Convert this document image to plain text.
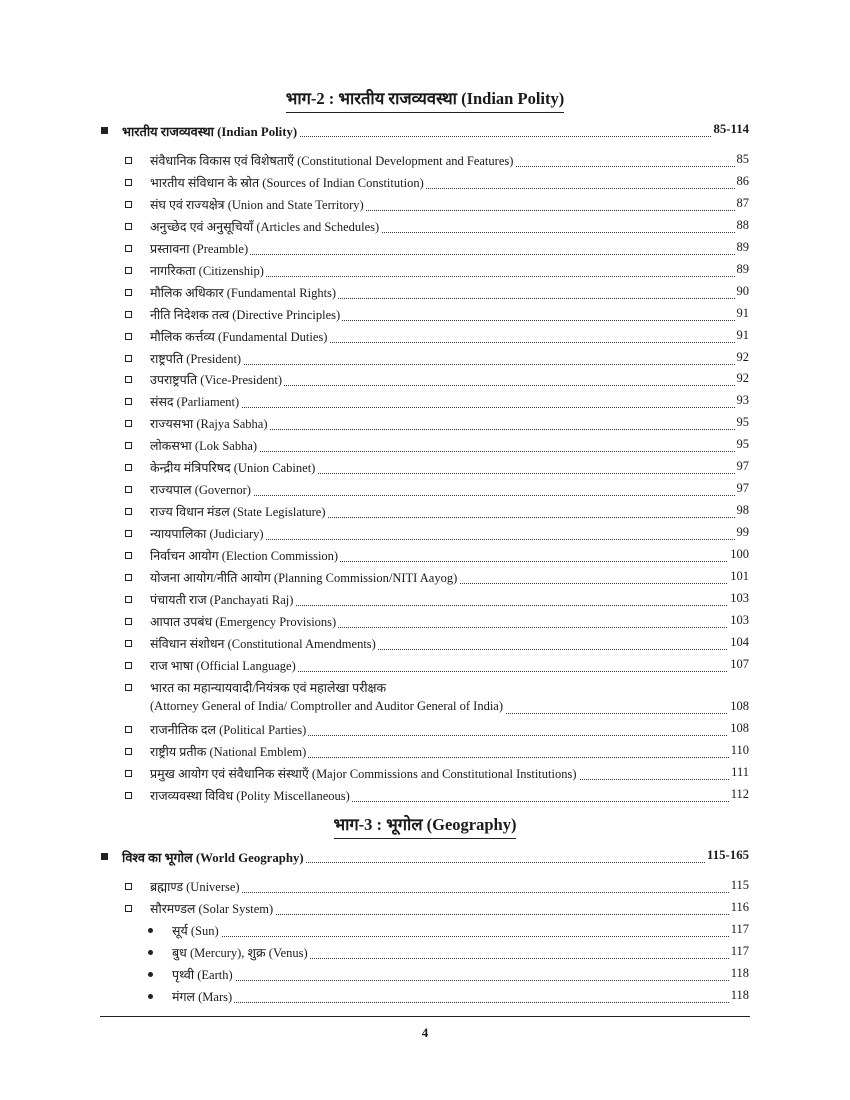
भाग-2 : भारतीय राजव्यवस्था (Indian Polity)
भाग-3 : भूगोल (Geography)
भारतीय राजव्यवस्था (Indian Polity)	85-114
संवैधानिक विकास एवं विशेषताएँ (Constitutional Development and Features)	85
भारतीय संविधान के स्रोत (Sources of Indian Constitution)	86
संघ एवं राज्यक्षेत्र (Union and State Territory)	87
अनुच्छेद एवं अनुसूचियाँ (Articles and Schedules)	88
प्रस्तावना (Preamble)	89
नागरिकता (Citizenship)	89
मौलिक अधिकार (Fundamental Rights)	90
नीति निदेशक तत्व (Directive Principles)	91
मौलिक कर्त्तव्य (Fundamental Duties)	91
राष्ट्रपति (President)	92
उपराष्ट्रपति (Vice-President)	92
संसद (Parliament)	93
राज्यसभा (Rajya Sabha)	95
लोकसभा (Lok Sabha)	95
केन्द्रीय मंत्रिपरिषद (Union Cabinet)	97
राज्यपाल (Governor)	97
राज्य विधान मंडल (State Legislature)	98
न्यायपालिका (Judiciary)	99
निर्वाचन आयोग (Election Commission)	100
योजना आयोग/नीति आयोग (Planning Commission/NITI Aayog)	101
पंचायती राज (Panchayati Raj)	103
आपात उपबंध (Emergency Provisions)	103
संविधान संशोधन (Constitutional Amendments)	104
राज भाषा (Official Language)	107
भारत का महान्यायवादी/नियंत्रक एवं महालेखा परीक्षक
(Attorney General of India/ Comptroller and Auditor General of India)	108
राजनीतिक दल (Political Parties)	108
राष्ट्रीय प्रतीक (National Emblem)	110
प्रमुख आयोग एवं संवैधानिक संस्थाएँ (Major Commissions and Constitutional Institutions)	111
राजव्यवस्था विविध (Polity Miscellaneous)	112
विश्व का भूगोल (World Geography)	115-165
ब्रह्माण्ड (Universe)	115
सौरमण्डल (Solar System)	116
सूर्य (Sun)	117
बुध (Mercury), शुक्र (Venus)	117
पृथ्वी (Earth)	118
मंगल (Mars)	118
4
